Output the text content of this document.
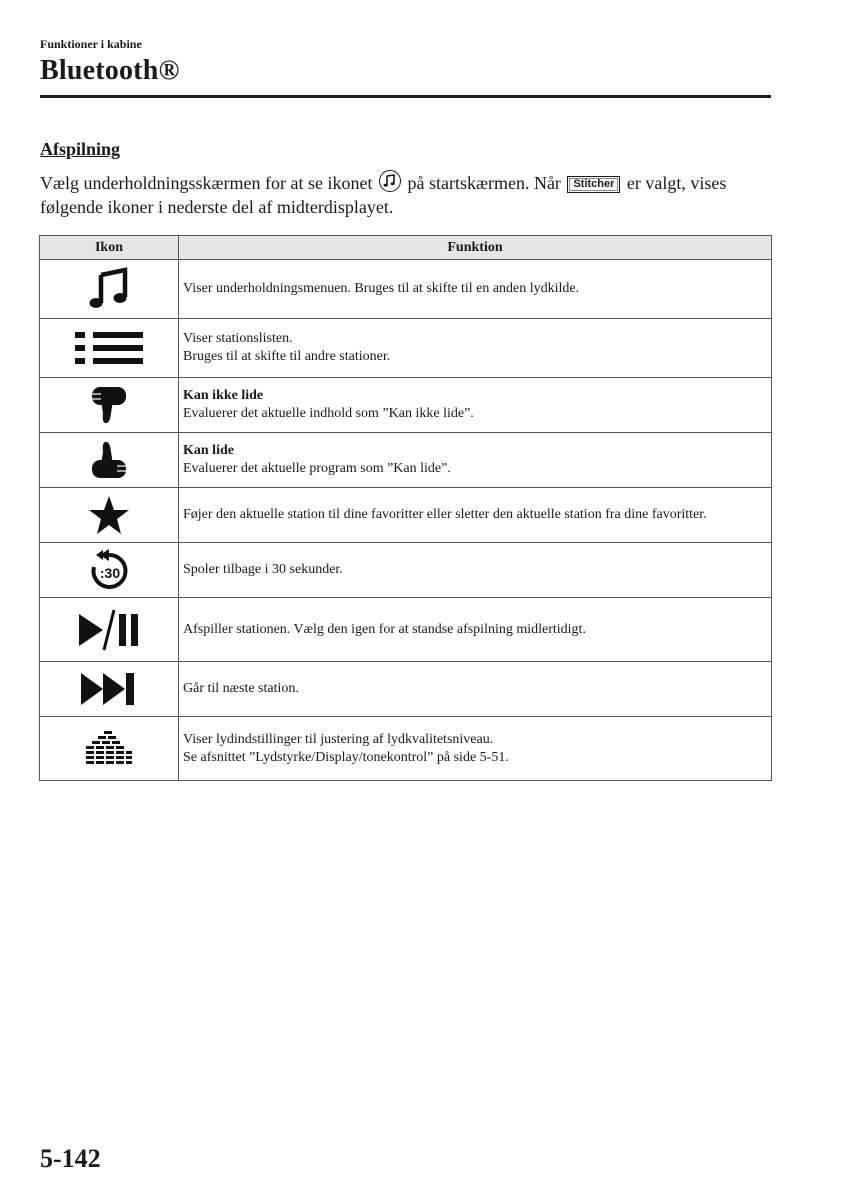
Funktioner i kabine
Bluetooth®
Afspilning
Vælg underholdningsskærmen for at se ikonet på startskærmen. Når Stitcher er valgt, vises følgende ikoner i nederste del af midterdisplayet.
Ikon	Funktion

Viser underholdningsmenuen. Bruges til at skifte til en anden lydkilde.

Viser stationslisten.
Bruges til at skifte til andre stationer.

Kan ikke lide
Evaluerer det aktuelle indhold som ”Kan ikke lide”.

Kan lide
Evaluerer det aktuelle program som ”Kan lide”.

Føjer den aktuelle station til dine favoritter eller sletter den aktuelle station fra dine favoritter.

:30	Spoler tilbage i 30 sekunder.

Afspiller stationen. Vælg den igen for at standse afspilning midlertidigt.

Går til næste station.

Viser lydindstillinger til justering af lydkvalitetsniveau.
Se afsnittet ”Lydstyrke/Display/tonekontrol” på side 5-51.
5-142
